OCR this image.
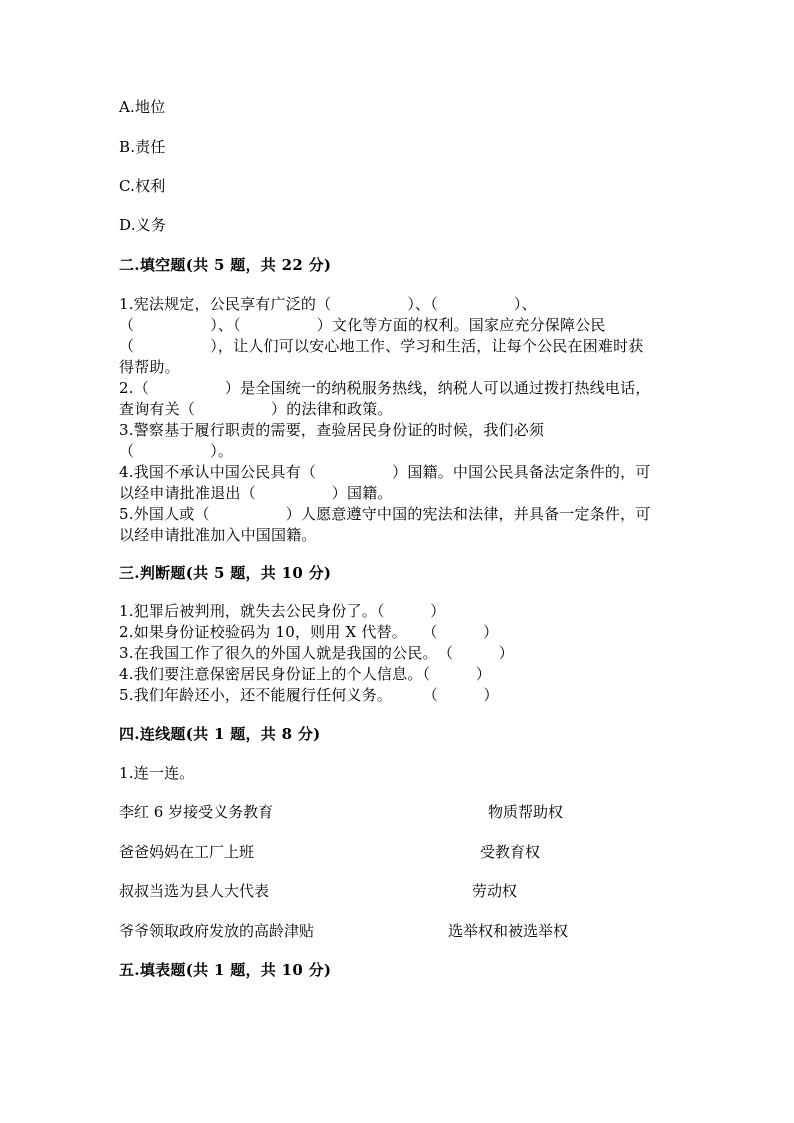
A.地位
B.责任
C.权利
D.义务
二.填空题(共 5 题，共 22 分)
1.宪法规定，公民享有广泛的（　　　　　）、（　　　　　）、
（　　　　　）、（　　　　　）文化等方面的权利。国家应充分保障公民
（　　　　　），让人们可以安心地工作、学习和生活，让每个公民在困难时获
得帮助。
2.（　　　　　）是全国统一的纳税服务热线，纳税人可以通过拨打热线电话，
查询有关（　　　　　）的法律和政策。
3.警察基于履行职责的需要，查验居民身份证的时候，我们必须
（　　　　　）。
4.我国不承认中国公民具有（　　　　　）国籍。中国公民具备法定条件的，可
以经申请批准退出（　　　　　）国籍。
5.外国人或（　　　　　）人愿意遵守中国的宪法和法律，并具备一定条件，可
以经申请批准加入中国国籍。
三.判断题(共 5 题，共 10 分)
1.犯罪后被判刑，就失去公民身份了。（　　　）
2.如果身份证校验码为 10，则用 X 代替。　　（　　　）
3.在我国工作了很久的外国人就是我国的公民。　（　　　）
4.我们要注意保密居民身份证上的个人信息。（　　　）
5.我们年龄还小，还不能履行任何义务。　　　（　　　）
四.连线题(共 1 题，共 8 分)
1.连一连。
李红 6 岁接受义务教育	物质帮助权
爸爸妈妈在工厂上班	受教育权
叔叔当选为县人大代表	劳动权
爷爷领取政府发放的高龄津贴	选举权和被选举权
五.填表题(共 1 题，共 10 分)
